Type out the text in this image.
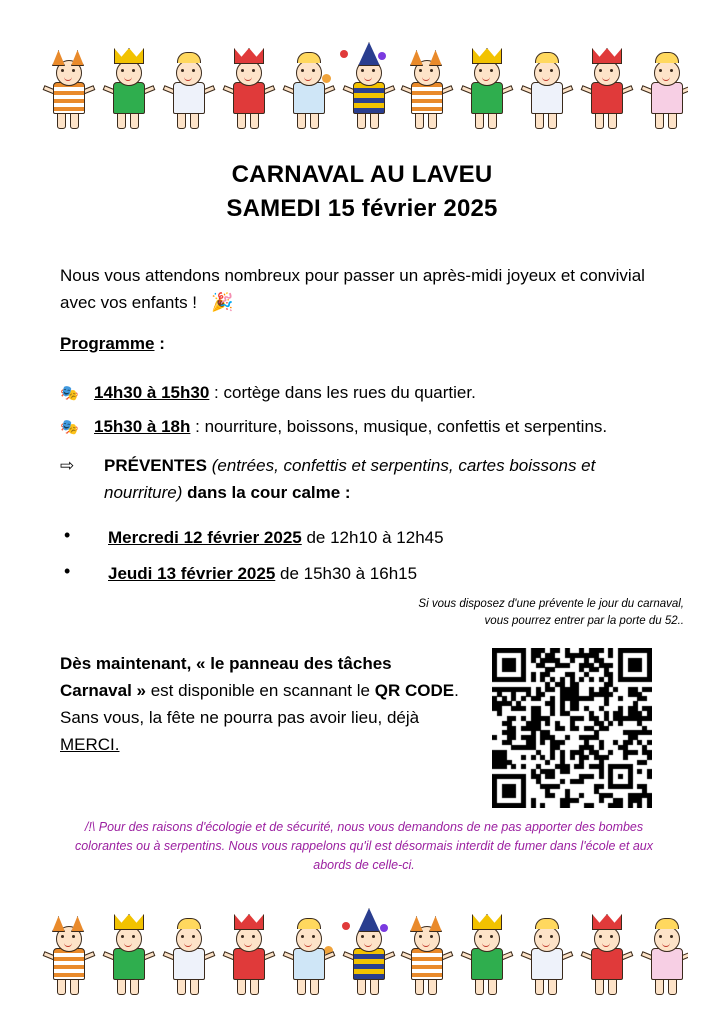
CARNAVAL AU LAVEU
SAMEDI 15 février 2025
Nous vous attendons nombreux pour passer un après-midi joyeux et convivial avec vos enfants ! 🎉
Programme :
🎭 14h30 à 15h30 : cortège dans les rues du quartier.
🎭 15h30 à 18h : nourriture, boissons, musique, confettis et serpentins.
⇨ PRÉVENTES (entrées, confettis et serpentins, cartes boissons et nourriture) dans la cour calme :
•	Mercredi 12 février 2025 de 12h10 à 12h45
•	Jeudi 13 février 2025 de 15h30 à 16h15
Si vous disposez d'une prévente le jour du carnaval,
vous pourrez entrer par la porte du 52..
Dès maintenant, « le panneau des tâches Carnaval » est disponible en scannant le QR CODE. Sans vous, la fête ne pourra pas avoir lieu, déjà MERCI.
/!\ Pour des raisons d'écologie et de sécurité, nous vous demandons de ne pas apporter des bombes colorantes ou à serpentins. Nous vous rappelons qu'il est désormais interdit de fumer dans l'école et aux abords de celle-ci.
